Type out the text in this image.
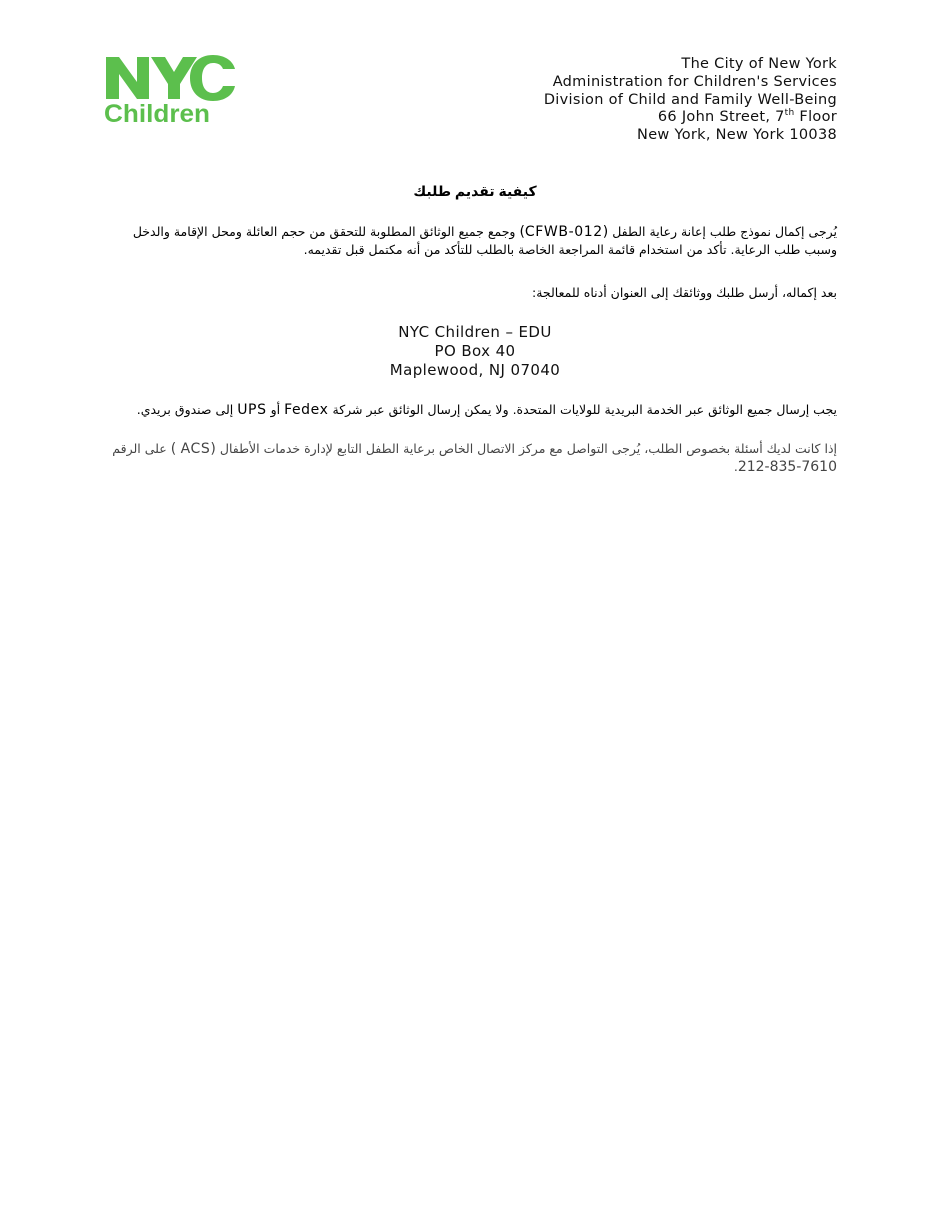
Children
The City of New York
Administration for Children's Services
Division of Child and Family Well-Being
66 John Street, 7th Floor
New York, New York 10038
كيفية تقديم طلبك
يُرجى إكمال نموذج طلب إعانة رعاية الطفل (CFWB-012) وجمع جميع الوثائق المطلوبة للتحقق من حجم العائلة ومحل الإقامة والدخل وسبب طلب الرعاية. تأكد من استخدام قائمة المراجعة الخاصة بالطلب للتأكد من أنه مكتمل قبل تقديمه.
بعد إكماله، أرسل طلبك ووثائقك إلى العنوان أدناه للمعالجة:
NYC Children – EDU
PO Box 40
Maplewood, NJ 07040
يجب إرسال جميع الوثائق عبر الخدمة البريدية للولايات المتحدة. ولا يمكن إرسال الوثائق عبر شركة Fedex أو UPS إلى صندوق بريدي.
إذا كانت لديك أسئلة بخصوص الطلب، يُرجى التواصل مع مركز الاتصال الخاص برعاية الطفل التابع لإدارة خدمات الأطفال ( ACS) على الرقم 212-835-7610.
